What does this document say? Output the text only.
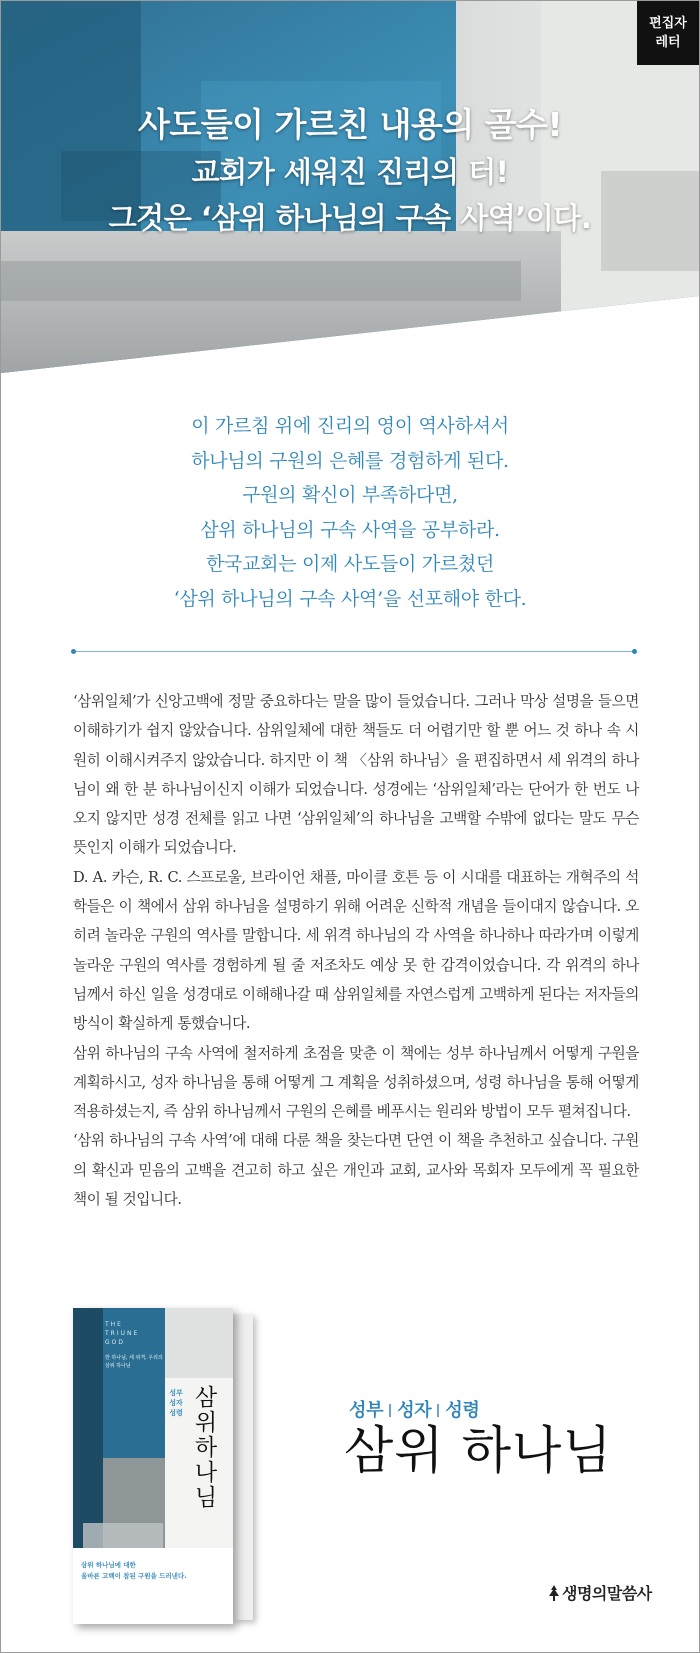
편집자
레터
사도들이 가르친 내용의 골수!
교회가 세워진 진리의 터!
그것은 ‘삼위 하나님의 구속 사역’이다.
이 가르침 위에 진리의 영이 역사하셔서
하나님의 구원의 은혜를 경험하게 된다.
구원의 확신이 부족하다면,
삼위 하나님의 구속 사역을 공부하라.
한국교회는 이제 사도들이 가르쳤던
‘삼위 하나님의 구속 사역’을 선포해야 한다.

‘삼위일체’가 신앙고백에 정말 중요하다는 말을 많이 들었습니다. 그러나 막상 설명을 들으면 이해하기가 쉽지 않았습니다. 삼위일체에 대한 책들도 더 어렵기만 할 뿐 어느 것 하나 속 시원히 이해시켜주지 않았습니다. 하지만 이 책 〈삼위 하나님〉을 편집하면서 세 위격의 하나님이 왜 한 분 하나님이신지 이해가 되었습니다. 성경에는 ‘삼위일체’라는 단어가 한 번도 나오지 않지만 성경 전체를 읽고 나면 ‘삼위일체’의 하나님을 고백할 수밖에 없다는 말도 무슨 뜻인지 이해가 되었습니다.

D. A. 카슨, R. C. 스프로울, 브라이언 채플, 마이클 호튼 등 이 시대를 대표하는 개혁주의 석학들은 이 책에서 삼위 하나님을 설명하기 위해 어려운 신학적 개념을 들이대지 않습니다. 오히려 놀라운 구원의 역사를 말합니다. 세 위격 하나님의 각 사역을 하나하나 따라가며 이렇게 놀라운 구원의 역사를 경험하게 될 줄 저조차도 예상 못 한 감격이었습니다. 각 위격의 하나님께서 하신 일을 성경대로 이해해나갈 때 삼위일체를 자연스럽게 고백하게 된다는 저자들의 방식이 확실하게 통했습니다.

삼위 하나님의 구속 사역에 철저하게 초점을 맞춘 이 책에는 성부 하나님께서 어떻게 구원을 계획하시고, 성자 하나님을 통해 어떻게 그 계획을 성취하셨으며, 성령 하나님을 통해 어떻게 적용하셨는지, 즉 삼위 하나님께서 구원의 은혜를 베푸시는 원리와 방법이 모두 펼쳐집니다.

‘삼위 하나님의 구속 사역’에 대해 다룬 책을 찾는다면 단연 이 책을 추천하고 싶습니다. 구원의 확신과 믿음의 고백을 견고히 하고 싶은 개인과 교회, 교사와 목회자 모두에게 꼭 필요한 책이 될 것입니다.

THE
TRIUNE
GOD
한 하나님, 세 위격, 우리의 삼위 하나님
성부 성자 성령
삼위 하나님
삼위 하나님에 대한
올바른 고백이 참된 구원을 드러낸다.
성부 성자 성령
삼위 하나님
생명의말씀사
